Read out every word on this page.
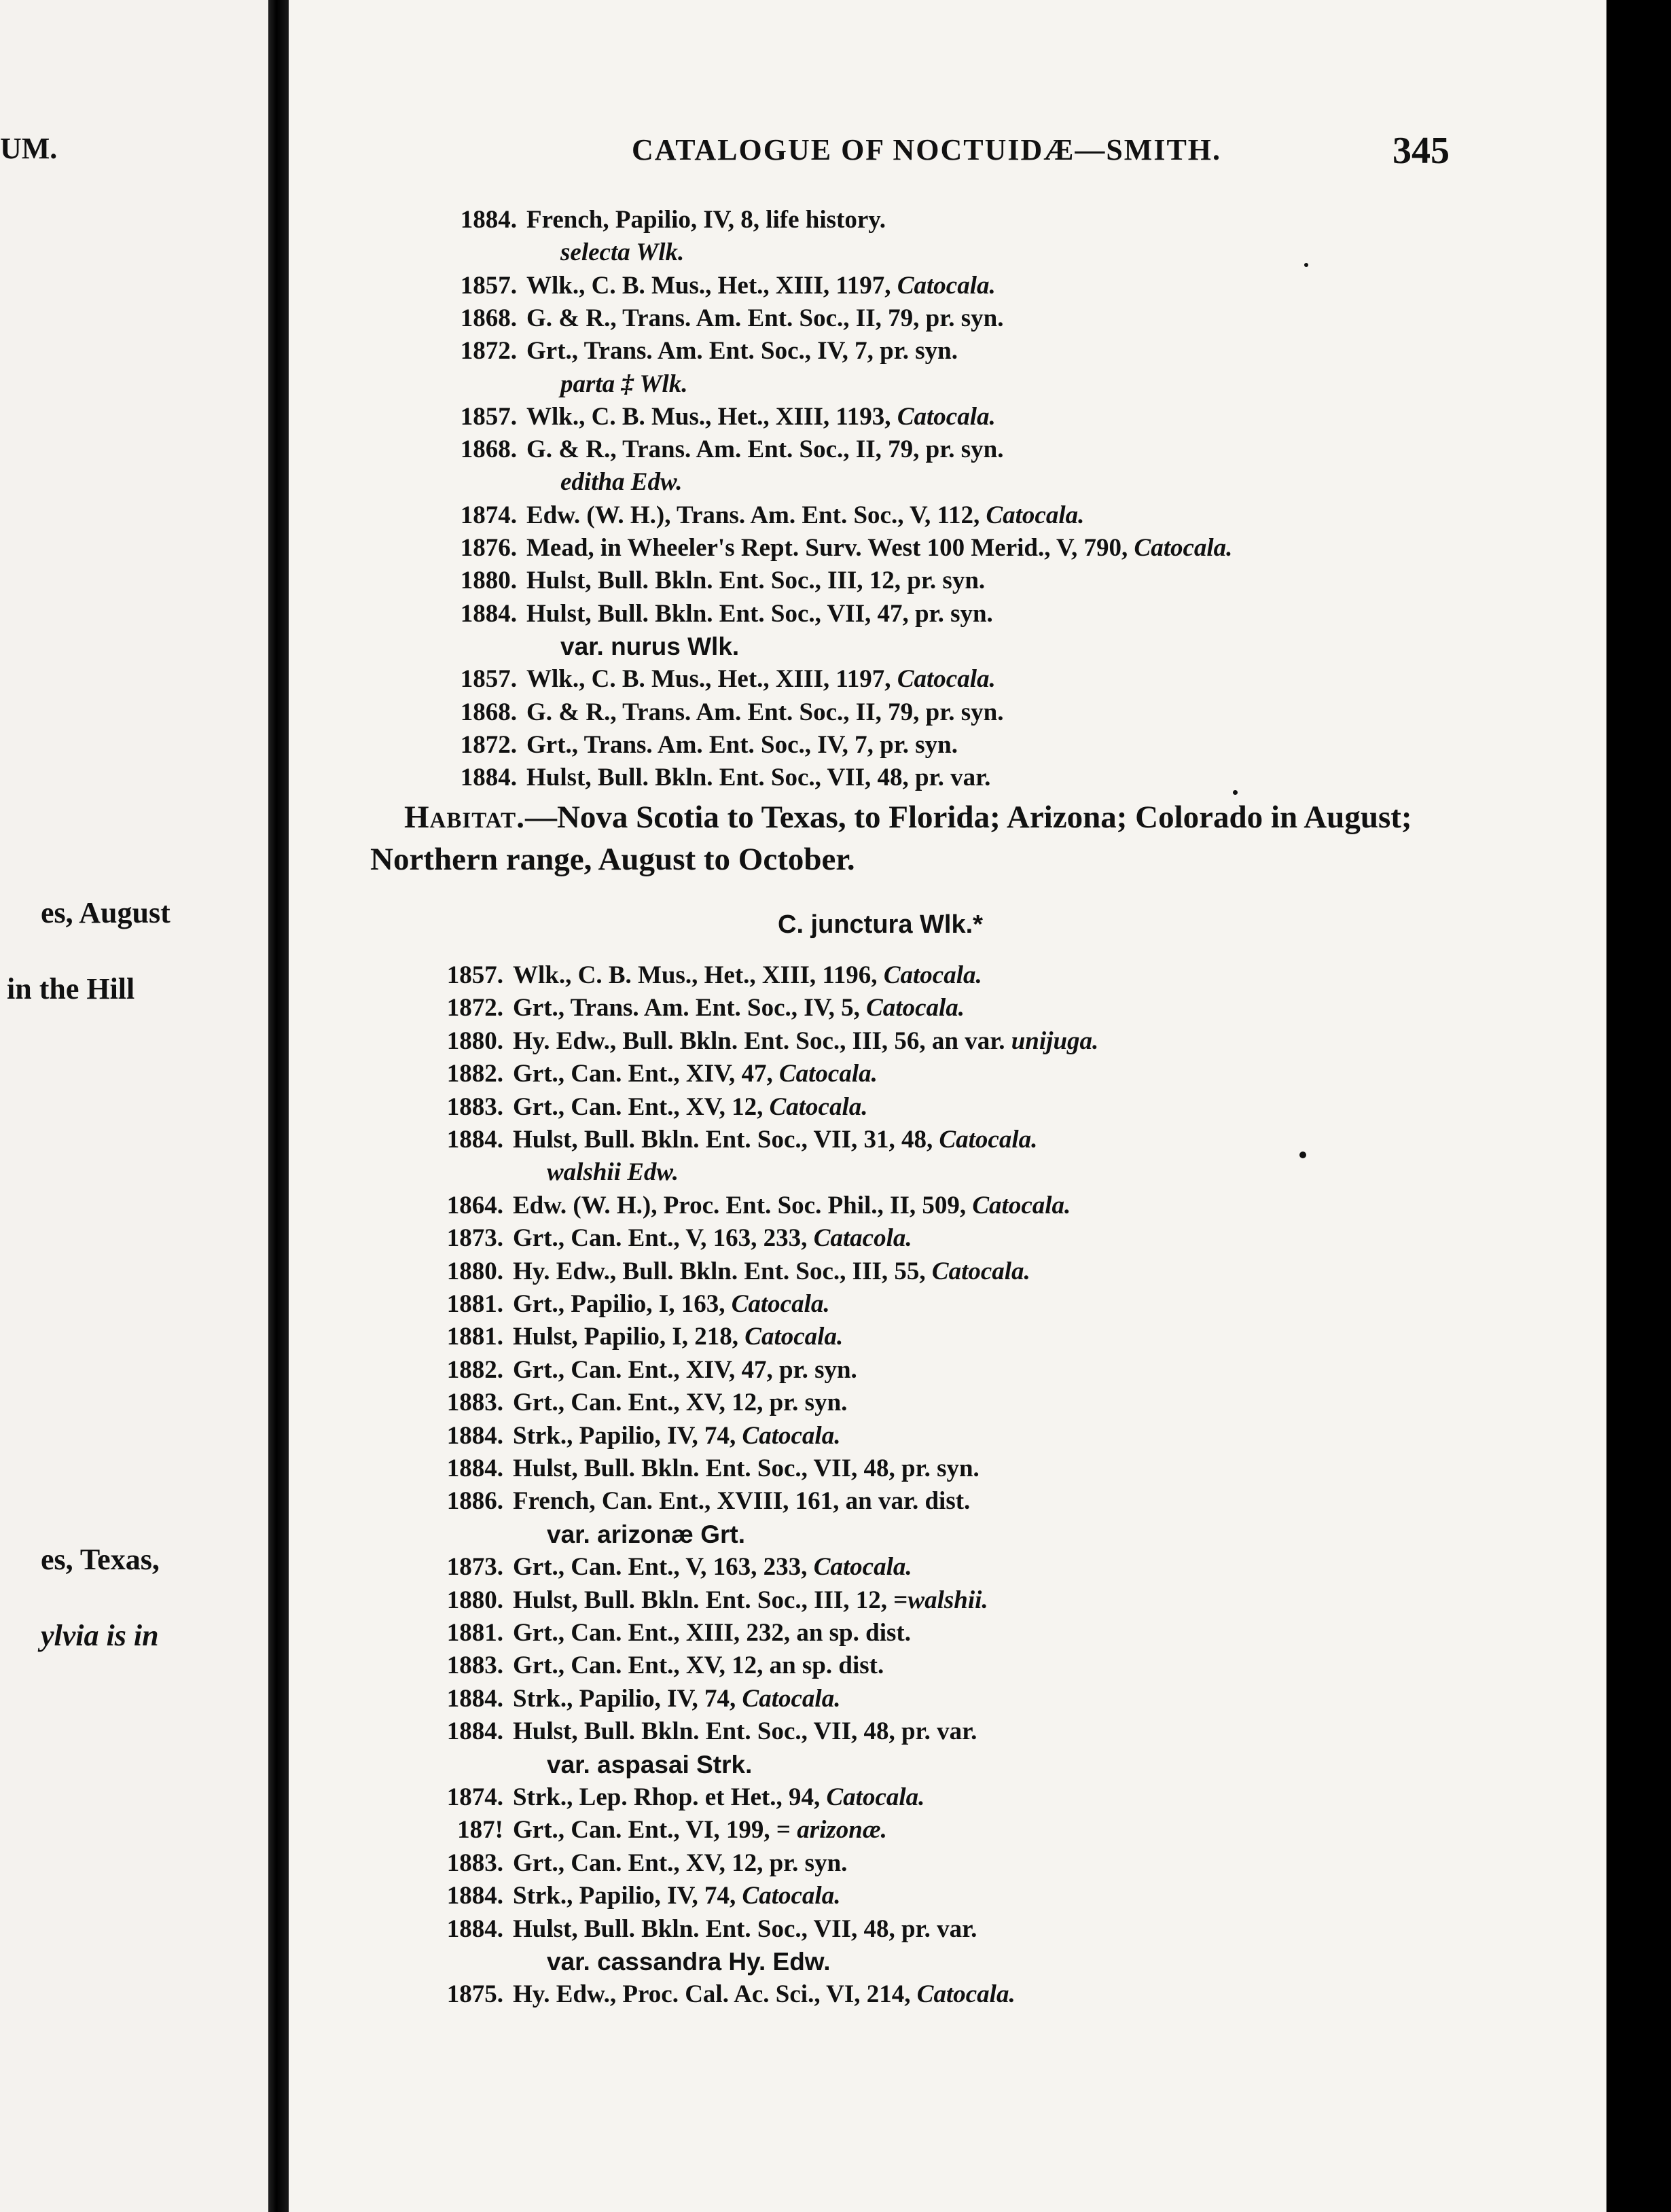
UM.
es, August
in the Hill
es, Texas,
ylvia is in
CATALOGUE OF NOCTUIDÆ—SMITH.	345
1884. French, Papilio, IV, 8, life history.
selecta Wlk.
1857. Wlk., C. B. Mus., Het., XIII, 1197, Catocala.
1868. G. & R., Trans. Am. Ent. Soc., II, 79, pr. syn.
1872. Grt., Trans. Am. Ent. Soc., IV, 7, pr. syn.
parta ‡ Wlk.
1857. Wlk., C. B. Mus., Het., XIII, 1193, Catocala.
1868. G. & R., Trans. Am. Ent. Soc., II, 79, pr. syn.
editha Edw.
1874. Edw. (W. H.), Trans. Am. Ent. Soc., V, 112, Catocala.
1876. Mead, in Wheeler's Rept. Surv. West 100 Merid., V, 790, Catocala.
1880. Hulst, Bull. Bkln. Ent. Soc., III, 12, pr. syn.
1884. Hulst, Bull. Bkln. Ent. Soc., VII, 47, pr. syn.
var. nurus Wlk.
1857. Wlk., C. B. Mus., Het., XIII, 1197, Catocala.
1868. G. & R., Trans. Am. Ent. Soc., II, 79, pr. syn.
1872. Grt., Trans. Am. Ent. Soc., IV, 7, pr. syn.
1884. Hulst, Bull. Bkln. Ent. Soc., VII, 48, pr. var.
Habitat.—Nova Scotia to Texas, to Florida; Arizona; Colorado in August; Northern range, August to October.
C. junctura Wlk.*
1857. Wlk., C. B. Mus., Het., XIII, 1196, Catocala.
1872. Grt., Trans. Am. Ent. Soc., IV, 5, Catocala.
1880. Hy. Edw., Bull. Bkln. Ent. Soc., III, 56, an var. unijuga.
1882. Grt., Can. Ent., XIV, 47, Catocala.
1883. Grt., Can. Ent., XV, 12, Catocala.
1884. Hulst, Bull. Bkln. Ent. Soc., VII, 31, 48, Catocala.
walshii Edw.
1864. Edw. (W. H.), Proc. Ent. Soc. Phil., II, 509, Catocala.
1873. Grt., Can. Ent., V, 163, 233, Catacola.
1880. Hy. Edw., Bull. Bkln. Ent. Soc., III, 55, Catocala.
1881. Grt., Papilio, I, 163, Catocala.
1881. Hulst, Papilio, I, 218, Catocala.
1882. Grt., Can. Ent., XIV, 47, pr. syn.
1883. Grt., Can. Ent., XV, 12, pr. syn.
1884. Strk., Papilio, IV, 74, Catocala.
1884. Hulst, Bull. Bkln. Ent. Soc., VII, 48, pr. syn.
1886. French, Can. Ent., XVIII, 161, an var. dist.
var. arizonæ Grt.
1873. Grt., Can. Ent., V, 163, 233, Catocala.
1880. Hulst, Bull. Bkln. Ent. Soc., III, 12, =walshii.
1881. Grt., Can. Ent., XIII, 232, an sp. dist.
1883. Grt., Can. Ent., XV, 12, an sp. dist.
1884. Strk., Papilio, IV, 74, Catocala.
1884. Hulst, Bull. Bkln. Ent. Soc., VII, 48, pr. var.
var. aspasai Strk.
1874. Strk., Lep. Rhop. et Het., 94, Catocala.
187! Grt., Can. Ent., VI, 199, = arizonæ.
1883. Grt., Can. Ent., XV, 12, pr. syn.
1884. Strk., Papilio, IV, 74, Catocala.
1884. Hulst, Bull. Bkln. Ent. Soc., VII, 48, pr. var.
var. cassandra Hy. Edw.
1875. Hy. Edw., Proc. Cal. Ac. Sci., VI, 214, Catocala.
